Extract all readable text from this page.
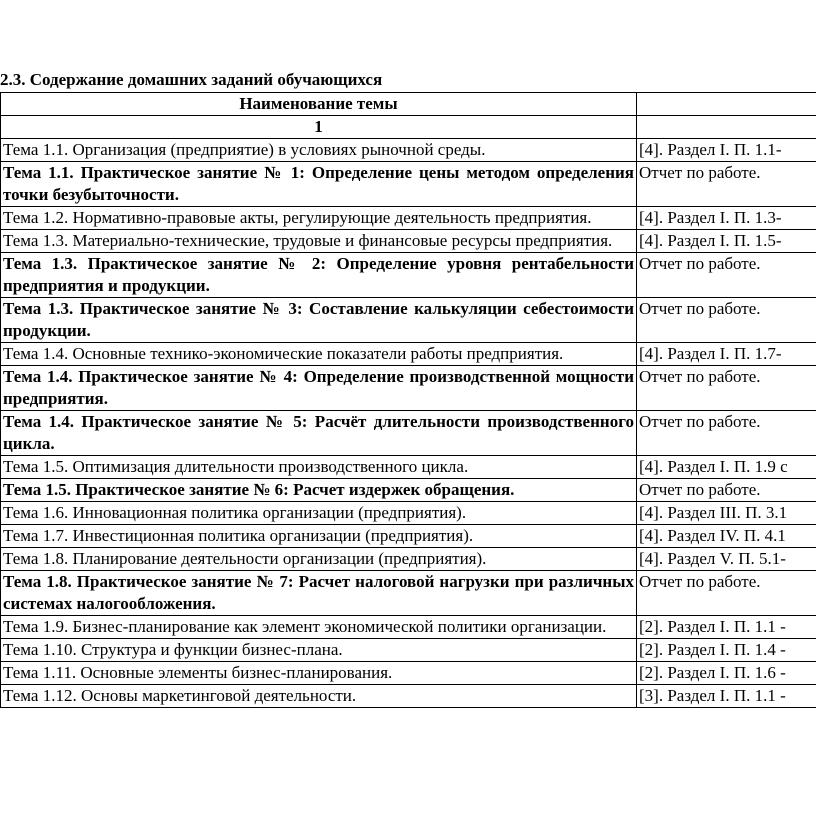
2.3. Содержание домашних заданий обучающихся
Наименование темы	
1	
Тема 1.1. Организация (предприятие) в условиях рыночной среды.	[4]. Раздел I. П. 1.1-
Тема 1.1. Практическое занятие № 1: Определение цены методом определения точки безубыточности.	Отчет по работе.
Тема 1.2. Нормативно-правовые акты, регулирующие деятельность предприятия.	[4]. Раздел I. П. 1.3-
Тема 1.3. Материально-технические, трудовые и финансовые ресурсы предприятия.	[4]. Раздел I. П. 1.5-
Тема 1.3. Практическое занятие № 2: Определение уровня рентабельности предприятия и продукции.	Отчет по работе.
Тема 1.3. Практическое занятие № 3: Составление калькуляции себестоимости продукции.	Отчет по работе.
Тема 1.4. Основные технико-экономические показатели работы предприятия.	[4]. Раздел I. П. 1.7-
Тема 1.4. Практическое занятие № 4: Определение производственной мощности предприятия.	Отчет по работе.
Тема 1.4. Практическое занятие № 5: Расчёт длительности производственного цикла.	Отчет по работе.
Тема 1.5. Оптимизация длительности производственного цикла.	[4]. Раздел I. П. 1.9 с
Тема 1.5. Практическое занятие № 6: Расчет издержек обращения.	Отчет по работе.
Тема 1.6. Инновационная политика организации (предприятия).	[4]. Раздел III. П. 3.1
Тема 1.7. Инвестиционная политика организации (предприятия).	[4]. Раздел IV. П. 4.1
Тема 1.8. Планирование деятельности организации (предприятия).	[4]. Раздел V. П. 5.1-
Тема 1.8. Практическое занятие № 7: Расчет налоговой нагрузки при различных системах налогообложения.	Отчет по работе.
Тема 1.9. Бизнес-планирование как элемент экономической политики организации.	[2]. Раздел I. П. 1.1 -
Тема 1.10. Структура и функции бизнес-плана.	[2]. Раздел I. П. 1.4 -
Тема 1.11. Основные элементы бизнес-планирования.	[2]. Раздел I. П. 1.6 -
Тема 1.12. Основы маркетинговой деятельности.	[3]. Раздел I. П. 1.1 -
